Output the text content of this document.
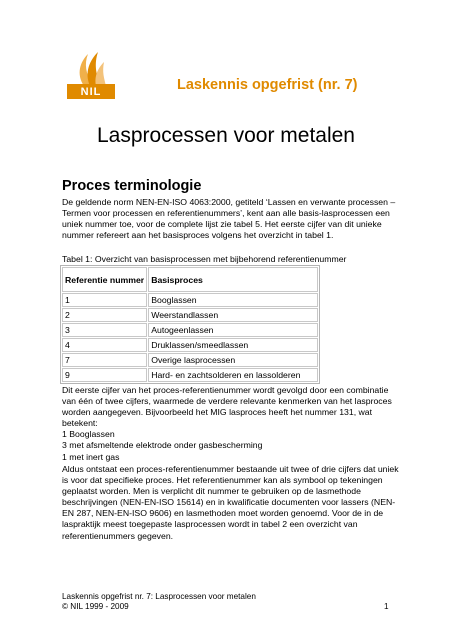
NIL	Laskennis opgefrist (nr. 7)
Lasprocessen voor metalen
Proces terminologie
De geldende norm NEN-EN-ISO 4063:2000, getiteld ‘Lassen en verwante processen – Termen voor processen en referentienummers’, kent aan alle basis-lasprocessen een uniek nummer toe, voor de complete lijst zie tabel 5. Het eerste cijfer van dit unieke nummer refereert aan het basisproces volgens het overzicht in tabel 1.
Tabel 1: Overzicht van basisprocessen met bijbehorend referentienummer
Referentie nummer	Basisproces
1	Booglassen
2	Weerstandlassen
3	Autogeenlassen
4	Druklassen/smeedlassen
7	Overige lasprocessen
9	Hard- en zachtsolderen en lassolderen
Dit eerste cijfer van het proces-referentienummer wordt gevolgd door een combinatie van één of twee cijfers, waarmede de verdere relevante kenmerken van het lasproces worden aangegeven. Bijvoorbeeld het MIG lasproces heeft het nummer 131, wat betekent:
1 Booglassen
3 met afsmeltende elektrode onder gasbescherming
1 met inert gas
Aldus ontstaat een proces-referentienummer bestaande uit twee of drie cijfers dat uniek is voor dat specifieke proces. Het referentienummer kan als symbool op tekeningen geplaatst worden. Men is verplicht dit nummer te gebruiken op de lasmethode beschrijvingen (NEN-EN-ISO 15614) en in kwalificatie documenten voor lassers (NEN-EN 287, NEN-EN-ISO 9606) en lasmethoden moet worden genoemd. Voor de in de laspraktijk meest toegepaste lasprocessen wordt in tabel 2 een overzicht van referentienummers gegeven.
Laskennis opgefrist nr. 7: Lasprocessen voor metalen
© NIL 1999 - 2009	1
